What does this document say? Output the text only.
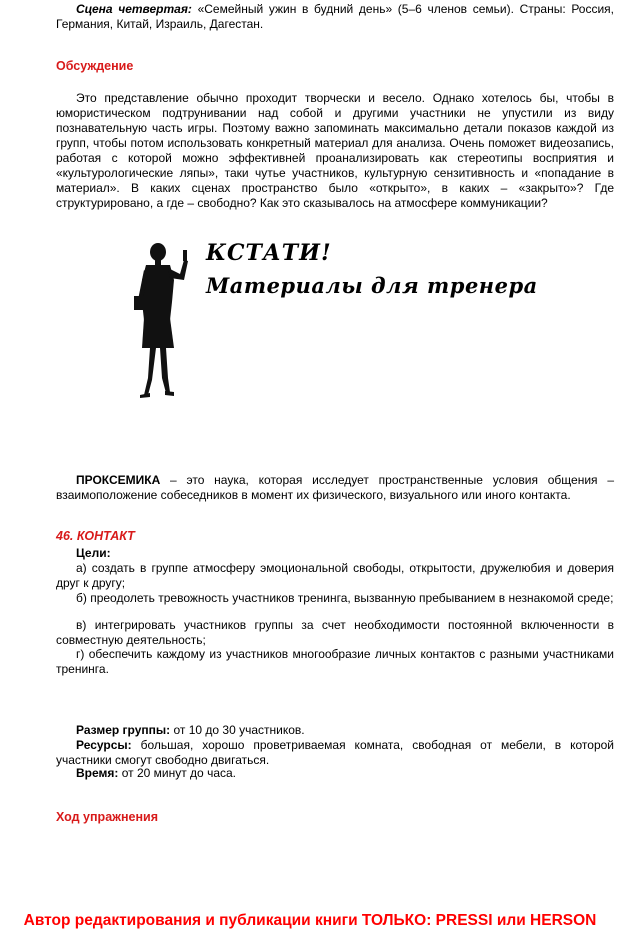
Сцена четвертая: «Семейный ужин в будний день» (5–6 членов семьи). Страны: Россия, Германия, Китай, Израиль, Дагестан.
Обсуждение
Это представление обычно проходит творчески и весело. Однако хотелось бы, чтобы в юмористическом подтрунивании над собой и другими участники не упустили из виду познавательную часть игры. Поэтому важно запоминать максимально детали показов каждой из групп, чтобы потом использовать конкретный материал для анализа. Очень поможет видеозапись, работая с которой можно эффективней проанализировать как стереотипы восприятия и «культурологические ляпы», таки чутье участников, культурную сензитивность и «попадание в материал». В каких сценах пространство было «открыто», в каких – «закрыто»? Где структурировано, а где – свободно? Как это сказывалось на атмосфере коммуникации?
КСТАТИ!
Материалы для тренера
ПРОКСЕМИКА – это наука, которая исследует пространственные условия общения – взаимоположение собеседников в момент их физического, визуального или иного контакта.
46. КОНТАКТ
Цели:
а) создать в группе атмосферу эмоциональной свободы, открытости, дружелюбия и доверия друг к другу;
б) преодолеть тревожность участников тренинга, вызванную пребыванием в незнакомой среде;
в) интегрировать участников группы за счет необходимости постоянной включенности в совместную деятельность;
г) обеспечить каждому из участников многообразие личных контактов с разными участниками тренинга.
Размер группы: от 10 до 30 участников.
Ресурсы: большая, хорошо проветриваемая комната, свободная от мебели, в которой участники смогут свободно двигаться.
Время: от 20 минут до часа.
Ход упражнения
Автор редактирования и публикации книги ТОЛЬКО: PRESSI или HERSON
